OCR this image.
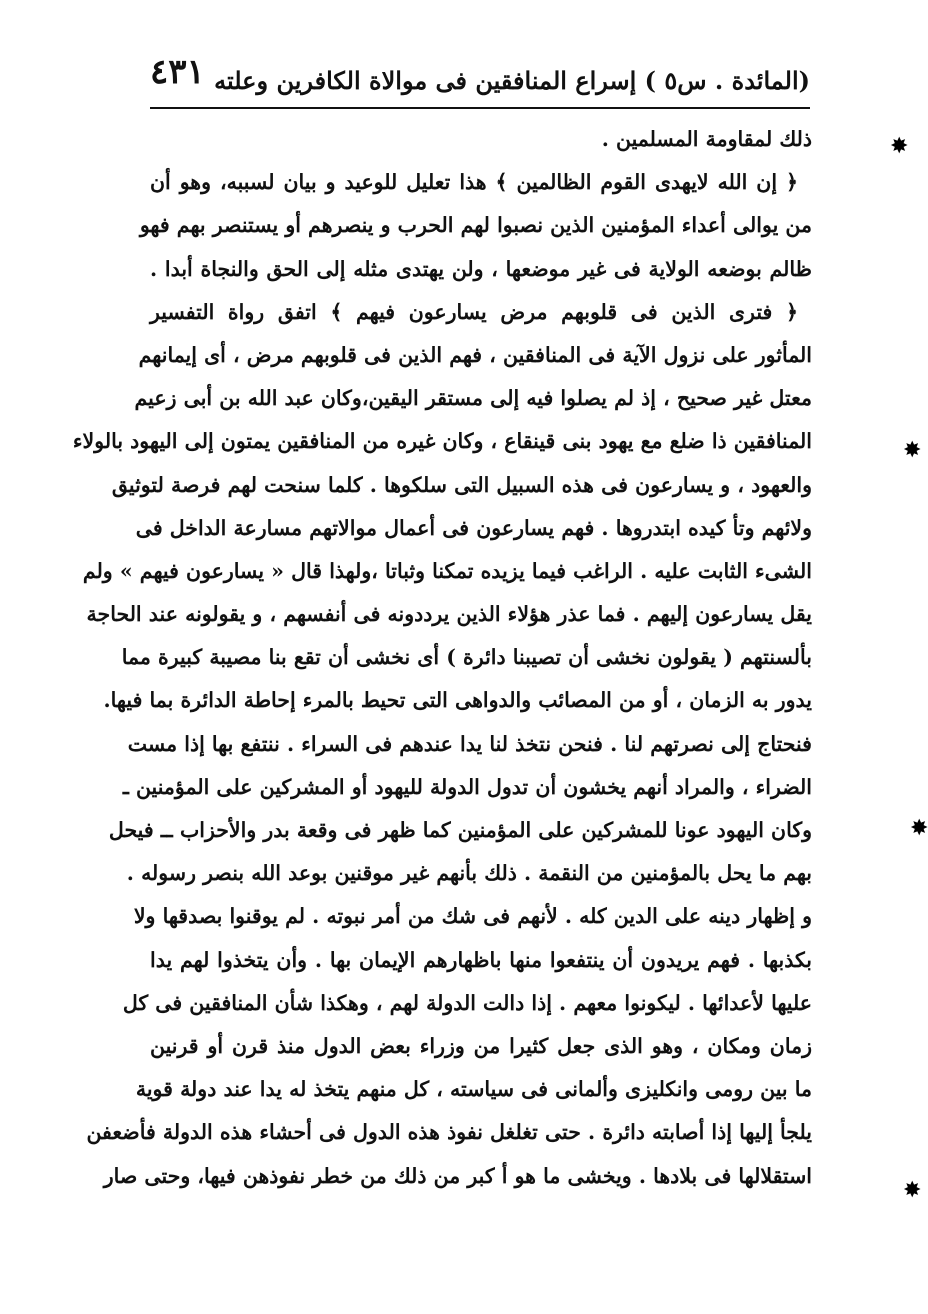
(المائدة . س٥ ) إسراع المنافقين فى موالاة الكافرين وعلته
٤٣١
ذلك لمقاومة المسلمين .
﴿ إن الله لايهدى القوم الظالمين ﴾ هذا تعليل للوعيد و بيان لسببه، وهو أن
من يوالى أعداء المؤمنين الذين نصبوا لهم الحرب و ينصرهم أو يستنصر بهم فهو
ظالم بوضعه الولاية فى غير موضعها ، ولن يهتدى مثله إلى الحق والنجاة أبدا .
﴿ فترى الذين فى قلوبهم مرض يسارعون فيهم ﴾ اتفق رواة التفسير
المأثور على نزول الآية فى المنافقين ، فهم الذين فى قلوبهم مرض ، أى إيمانهم
معتل غير صحيح ، إذ لم يصلوا فيه إلى مستقر اليقين،وكان عبد الله بن أبى زعيم
المنافقين ذا ضلع مع يهود بنى قينقاع ، وكان غيره من المنافقين يمتون إلى اليهود بالولاء
والعهود ، و يسارعون فى هذه السبيل التى سلكوها . كلما سنحت لهم فرصة لتوثيق
ولائهم وتأ كيده ابتدروها . فهم يسارعون فى أعمال موالاتهم مسارعة الداخل فى
الشىء الثابت عليه . الراغب فيما يزيده تمكنا وثباتا ،ولهذا قال « يسارعون فيهم » ولم
يقل يسارعون إليهم . فما عذر هؤلاء الذين يرددونه فى أنفسهم ، و يقولونه عند الحاجة
بألسنتهم ( يقولون نخشى أن تصيبنا دائرة ) أى نخشى أن تقع بنا مصيبة كبيرة مما
يدور به الزمان ، أو من المصائب والدواهى التى تحيط بالمرء إحاطة الدائرة بما فيها.
فنحتاج إلى نصرتهم لنا . فنحن نتخذ لنا يدا عندهم فى السراء . ننتفع بها إذا مست
الضراء ، والمراد أنهم يخشون أن تدول الدولة لليهود أو المشركين على المؤمنين ـ
وكان اليهود عونا للمشركين على المؤمنين كما ظهر فى وقعة بدر والأحزاب ــ فيحل
بهم ما يحل بالمؤمنين من النقمة . ذلك بأنهم غير موقنين بوعد الله بنصر رسوله .
و إظهار دينه على الدين كله . لأنهم فى شك من أمر نبوته . لم يوقنوا بصدقها ولا
بكذبها . فهم يريدون أن ينتفعوا منها باظهارهم الإيمان بها . وأن يتخذوا لهم يدا
عليها لأعدائها . ليكونوا معهم . إذا دالت الدولة لهم ، وهكذا شأن المنافقين فى كل
زمان ومكان ، وهو الذى جعل كثيرا من وزراء بعض الدول منذ قرن أو قرنين
ما بين رومى وانكليزى وألمانى فى سياسته ، كل منهم يتخذ له يدا عند دولة قوية
يلجأ إليها إذا أصابته دائرة . حتى تغلغل نفوذ هذه الدول فى أحشاء هذه الدولة فأضعفن
استقلالها فى بلادها . ويخشى ما هو أ كبر من ذلك من خطر نفوذهن فيها، وحتى صار
✸
✸
✸
✸
